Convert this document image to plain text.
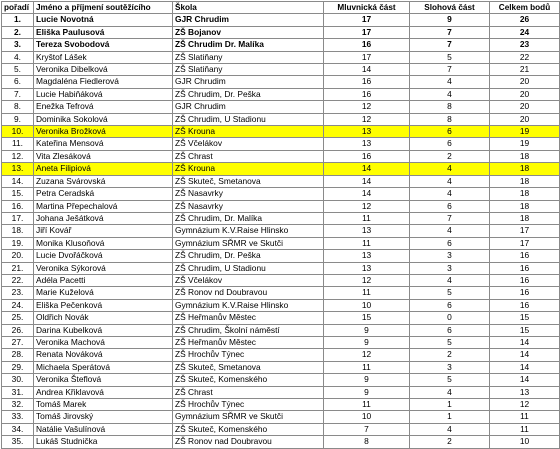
pořadí	Jméno a příjmení soutěžícího	Škola	Mluvnická část	Slohová část	Celkem bodů
1.	Lucie Novotná	GJR Chrudim	17	9	26
2.	Eliška Paulusová	ZŠ Bojanov	17	7	24
3.	Tereza Svobodová	ZŠ Chrudim Dr. Malíka	16	7	23
4.	Kryštof Lášek	ZŠ Slatiňany	17	5	22
5.	Veronika Dibelková	ZŠ Slatiňany	14	7	21
6.	Magdaléna Fiedlerová	GJR Chrudim	16	4	20
7.	Lucie Habiňáková	ZŠ Chrudim, Dr. Peška	16	4	20
8.	Enežka Tefrová	GJR Chrudim	12	8	20
9.	Dominika Sokolová	ZŠ Chrudim, U Stadionu	12	8	20
10.	Veronika Brožková	ZŠ Krouna	13	6	19
11.	Kateřina Mensová	ZŠ Včelákov	13	6	19
12.	Vita Zlesáková	ZŠ Chrast	16	2	18
13.	Aneta Filipiová	ZŠ Krouna	14	4	18
14.	Zuzana Svárovská	ZŠ Skuteč, Smetanova	14	4	18
15.	Petra Ceradská	ZŠ Nasavrky	14	4	18
16.	Martina Přepechalová	ZŠ Nasavrky	12	6	18
17.	Johana Ješátková	ZŠ Chrudim, Dr. Malíka	11	7	18
18.	Jiří Kovář	Gymnázium K.V.Raise Hlinsko	13	4	17
19.	Monika Klusoňová	Gymnázium SŘMR ve Skutči	11	6	17
20.	Lucie Dvořáčková	ZŠ Chrudim, Dr. Peška	13	3	16
21.	Veronika Sýkorová	ZŠ Chrudim, U Stadionu	13	3	16
22.	Adéla Pacetti	ZŠ Včelákov	12	4	16
23.	Marie Kuželová	ZŠ Ronov nd Doubravou	11	5	16
24.	Eliška Pečenková	Gymnázium K.V.Raise Hlinsko	10	6	16
25.	Oldřich Novák	ZŠ Heřmanův Městec	15	0	15
26.	Darina Kubelková	ZŠ Chrudim, Školní náměstí	9	6	15
27.	Veronika Machová	ZŠ Heřmanův Městec	9	5	14
28.	Renata Nováková	ZŠ Hrochův Týnec	12	2	14
29.	Michaela Sperátová	ZŠ Skuteč, Smetanova	11	3	14
30.	Veronika Šteflová	ZŠ Skuteč, Komenského	9	5	14
31.	Andrea Křiklavová	ZŠ Chrast	9	4	13
32.	Tomáš Marek	ZŠ Hrochův Týnec	11	1	12
33.	Tomáš Jirovský	Gymnázium SŘMR ve Skutči	10	1	11
34.	Natálie Vašulínová	ZŠ Skuteč, Komenského	7	4	11
35.	Lukáš Studnička	ZŠ Ronov nad Doubravou	8	2	10
